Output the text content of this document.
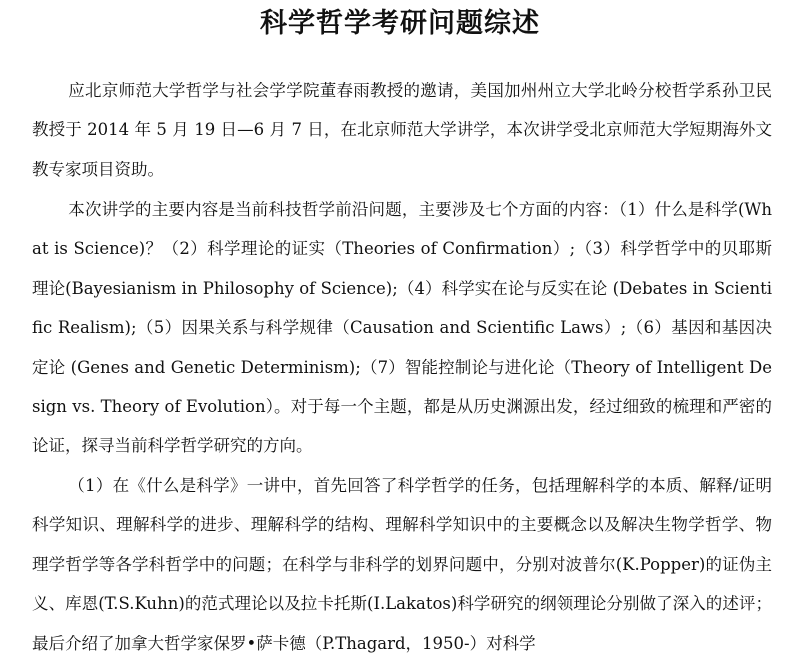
科学哲学考研问题综述

应北京师范大学哲学与社会学学院董春雨教授的邀请，美国加州州立大学北岭分校哲学系孙卫民教授于 2014 年 5 月 19 日—6 月 7 日，在北京师范大学讲学，本次讲学受北京师范大学短期海外文教专家项目资助。

本次讲学的主要内容是当前科技哲学前沿问题，主要涉及七个方面的内容：（1）什么是科学(What is Science)？（2）科学理论的证实（Theories of Confirmation）;（3）科学哲学中的贝耶斯理论(Bayesianism in Philosophy of Science);（4）科学实在论与反实在论 (Debates in Scientific Realism);（5）因果关系与科学规律（Causation and Scientific Laws）;（6）基因和基因决定论 (Genes and Genetic Determinism);（7）智能控制论与进化论（Theory of Intelligent Design vs. Theory of Evolution）。对于每一个主题，都是从历史渊源出发，经过细致的梳理和严密的论证，探寻当前科学哲学研究的方向。

（1）在《什么是科学》一讲中，首先回答了科学哲学的任务，包括理解科学的本质、解释/证明科学知识、理解科学的进步、理解科学的结构、理解科学知识中的主要概念以及解决生物学哲学、物理学哲学等各学科哲学中的问题；在科学与非科学的划界问题中，分别对波普尔(K.Popper)的证伪主义、库恩(T.S.Kuhn)的范式理论以及拉卡托斯(I.Lakatos)科学研究的纲领理论分别做了深入的述评；最后介绍了加拿大哲学家保罗•萨卡德（P.Thagard，1950-）对科学
